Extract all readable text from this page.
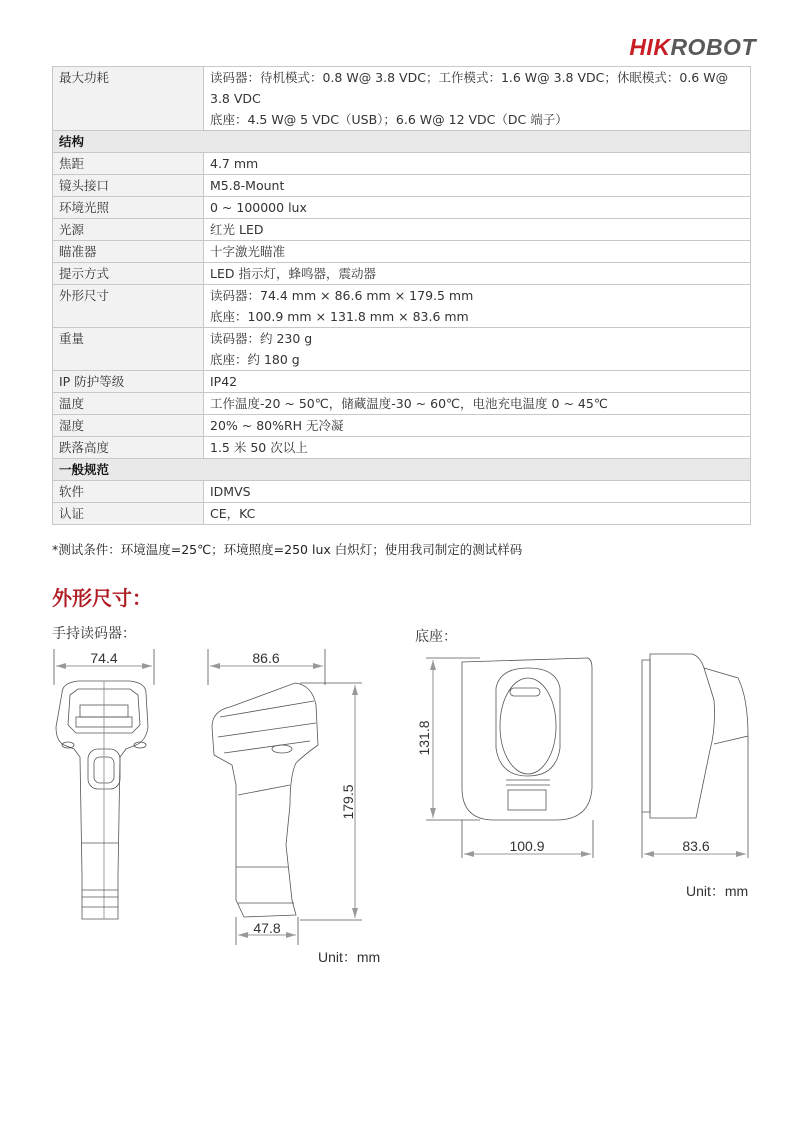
HIKROBOT
最大功耗	读码器：待机模式：0.8 W@ 3.8 VDC；工作模式：1.6 W@ 3.8 VDC；休眠模式：0.6 W@
3.8 VDC
底座：4.5 W@ 5 VDC（USB）；6.6 W@ 12 VDC（DC 端子）

结构	
焦距	4.7 mm

镜头接口	M5.8-Mount

环境光照	0 ~ 100000 lux

光源	红光 LED

瞄准器	十字激光瞄准

提示方式	LED 指示灯，蜂鸣器，震动器

外形尺寸	读码器：74.4 mm × 86.6 mm × 179.5 mm
底座：100.9 mm × 131.8 mm × 83.6 mm

重量	读码器：约 230 g
底座：约 180 g

IP 防护等级	IP42

温度	工作温度-20 ~ 50℃，储藏温度-30 ~ 60℃，电池充电温度 0 ~ 45℃

湿度	20% ~ 80%RH 无冷凝

跌落高度	1.5 米 50 次以上

一般规范	
软件	IDMVS

认证	CE，KC
*测试条件：环境温度=25℃；环境照度=250 lux 白炽灯；使用我司制定的测试样码
外形尺寸：
手持读码器：	底座：
74.4	86.6
47.8
179.5
Unit：mm
131.8
100.9	83.6
Unit：mm
